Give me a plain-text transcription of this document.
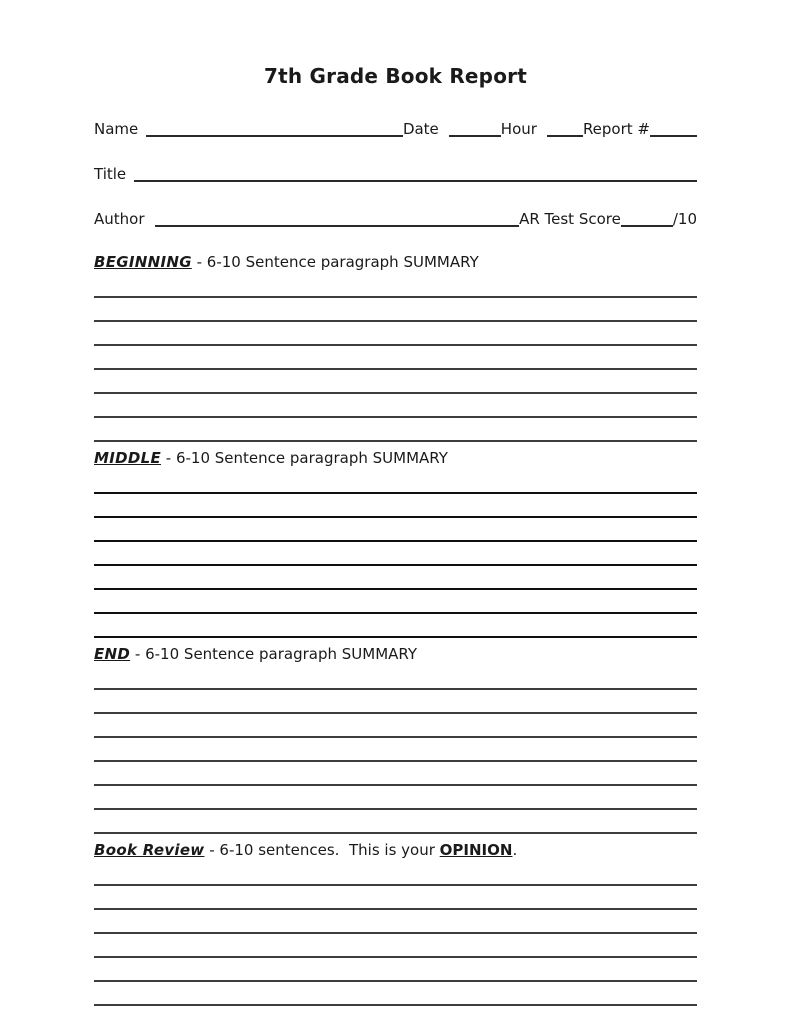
7th Grade Book Report
Name	Date	Hour	Report #
Title
Author	AR Test Score	/10
BEGINNING - 6-10 Sentence paragraph SUMMARY
MIDDLE - 6-10 Sentence paragraph SUMMARY
END - 6-10 Sentence paragraph SUMMARY
Book Review - 6-10 sentences.  This is your OPINION.
